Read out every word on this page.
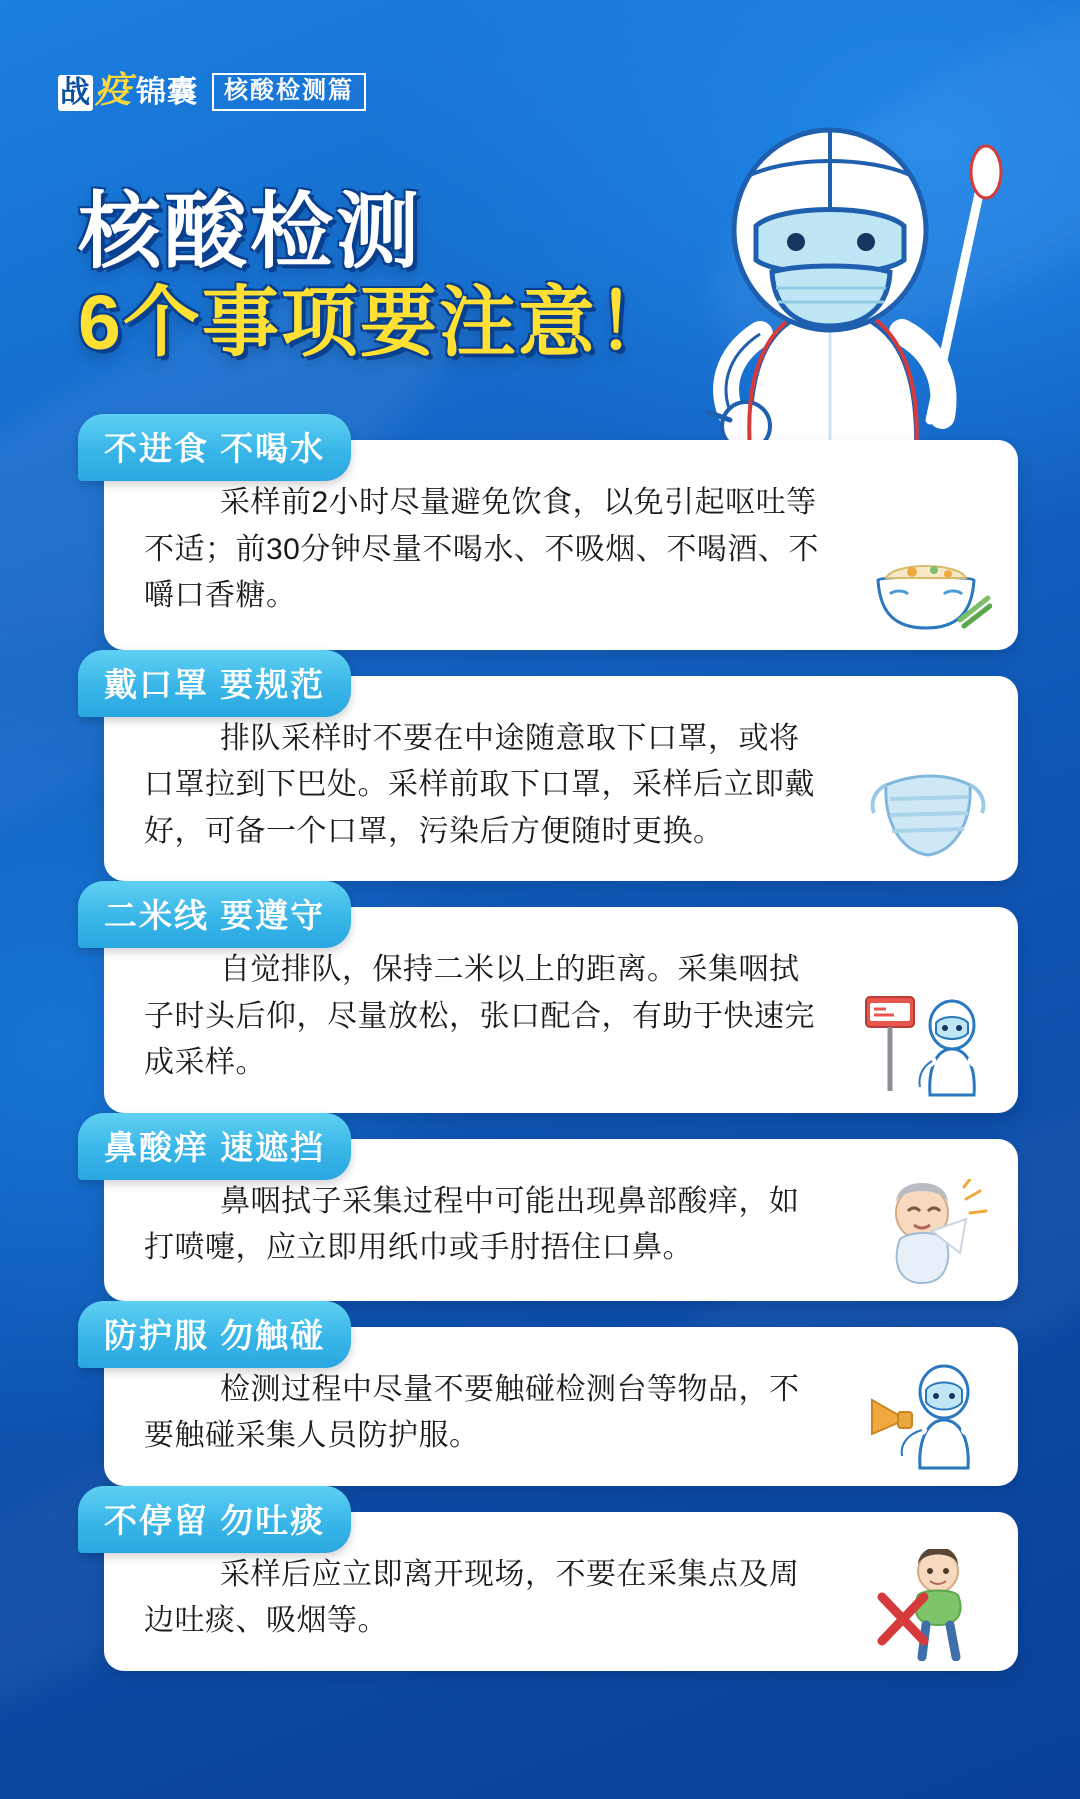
战 疫 锦囊	核酸检测篇
核酸检测
6个事项要注意！
不进食 不喝水
采样前2小时尽量避免饮食，以免引起呕吐等不适；前30分钟尽量不喝水、不吸烟、不喝酒、不嚼口香糖。
戴口罩 要规范
排队采样时不要在中途随意取下口罩，或将口罩拉到下巴处。采样前取下口罩，采样后立即戴好，可备一个口罩，污染后方便随时更换。
二米线 要遵守
自觉排队，保持二米以上的距离。采集咽拭子时头后仰，尽量放松，张口配合，有助于快速完成采样。
鼻酸痒 速遮挡
鼻咽拭子采集过程中可能出现鼻部酸痒，如打喷嚏，应立即用纸巾或手肘捂住口鼻。
防护服 勿触碰
检测过程中尽量不要触碰检测台等物品，不要触碰采集人员防护服。
不停留 勿吐痰
采样后应立即离开现场，不要在采集点及周边吐痰、吸烟等。
